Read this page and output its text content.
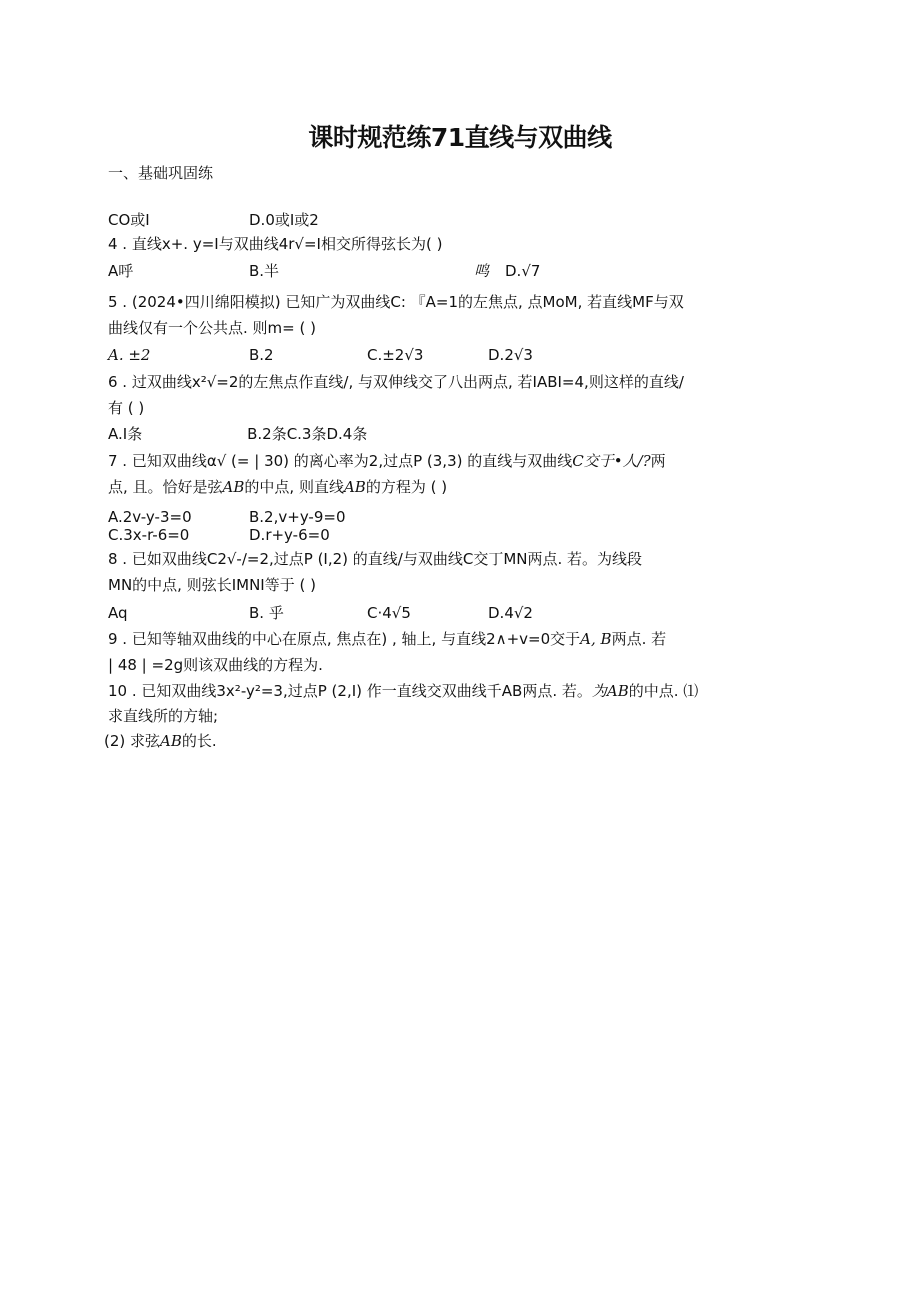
课时规范练71直线与双曲线
一、基础巩固练
CO或I	D.0或I或2
4 . 直线x+. y=I与双曲线4r√=I相交所得弦长为( )
A呼	B.半	鸣 D.√7
5 . (2024•四川绵阳模拟) 已知广为双曲线C: 『A=1的左焦点, 点MoM, 若直线MF与双
曲线仅有一个公共点. 则m= ( )
A. ±2	B.2	C.±2√3	D.2√3
6 . 过双曲线x²√=2的左焦点作直线/, 与双伸线交了八出两点, 若IABI=4,则这样的直线/
有 ( )
A.I条                      B.2条C.3条D.4条
7 . 已知双曲线α√ (= | 30) 的离心率为2,过点P (3,3) 的直线与双曲线C交于•人/?两
点, 且。恰好是弦AB的中点, 则直线AB的方程为 ( )
A.2v-y-3=0	B.2,v+y-9=0
C.3x-r-6=0	D.r+y-6=0
8 . 已如双曲线C2√-∕=2,过点P (I,2) 的直线/与双曲线C交丁MN两点. 若。为线段
MN的中点, 则弦长IMNI等于 ( )
Aq	B. 乎	C·4√5	D.4√2
9 . 已知等轴双曲线的中心在原点, 焦点在) , 轴上, 与直线2∧+v=0交于A, B两点. 若
| 48 | =2g则该双曲线的方程为.
10 . 已知双曲线3x²-y²=3,过点P (2,I) 作一直线交双曲线千AB两点. 若。为AB的中点. ⑴
求直线所的方轴;
(2) 求弦AB的长.
